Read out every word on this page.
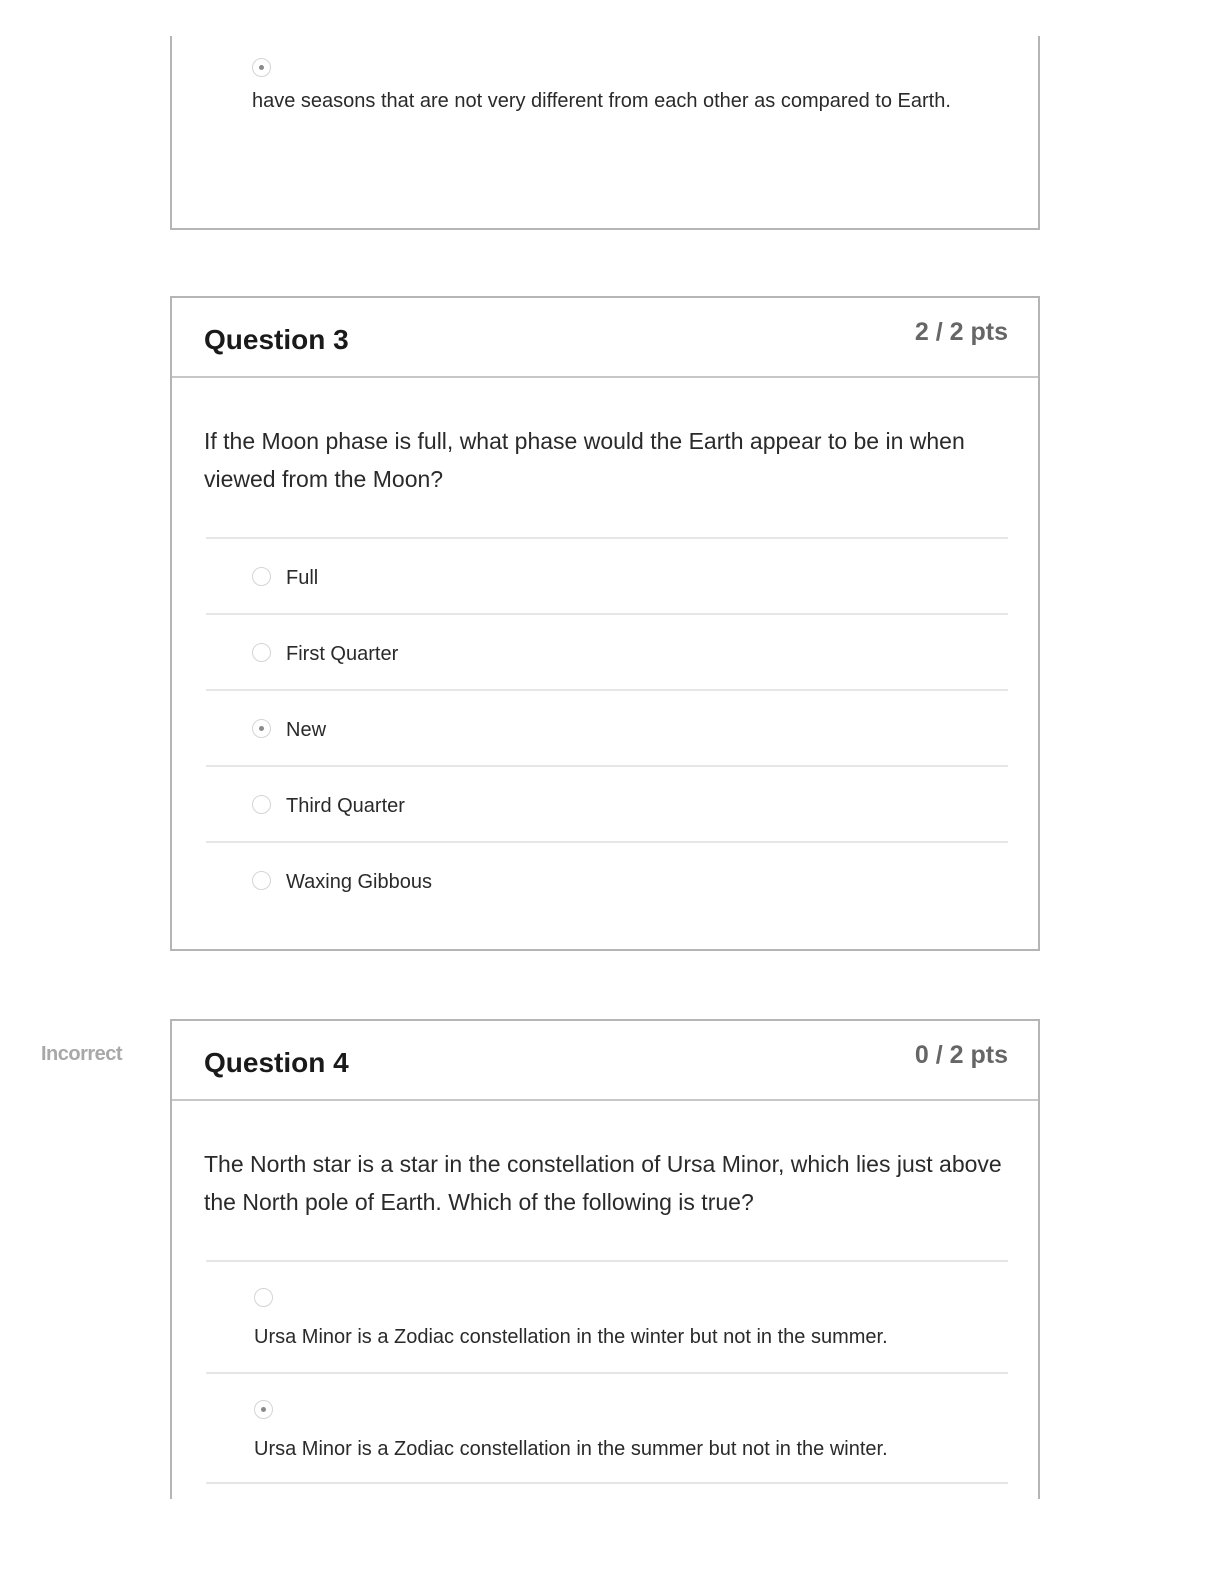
have seasons that are not very different from each other as compared to Earth.
Question 3	2 / 2 pts
If the Moon phase is full, what phase would the Earth appear to be in when viewed from the Moon?
Full
First Quarter
New
Third Quarter
Waxing Gibbous
Incorrect	Question 4	0 / 2 pts
The North star is a star in the constellation of Ursa Minor, which lies just above the North pole of Earth. Which of the following is true?
Ursa Minor is a Zodiac constellation in the winter but not in the summer.
Ursa Minor is a Zodiac constellation in the summer but not in the winter.
